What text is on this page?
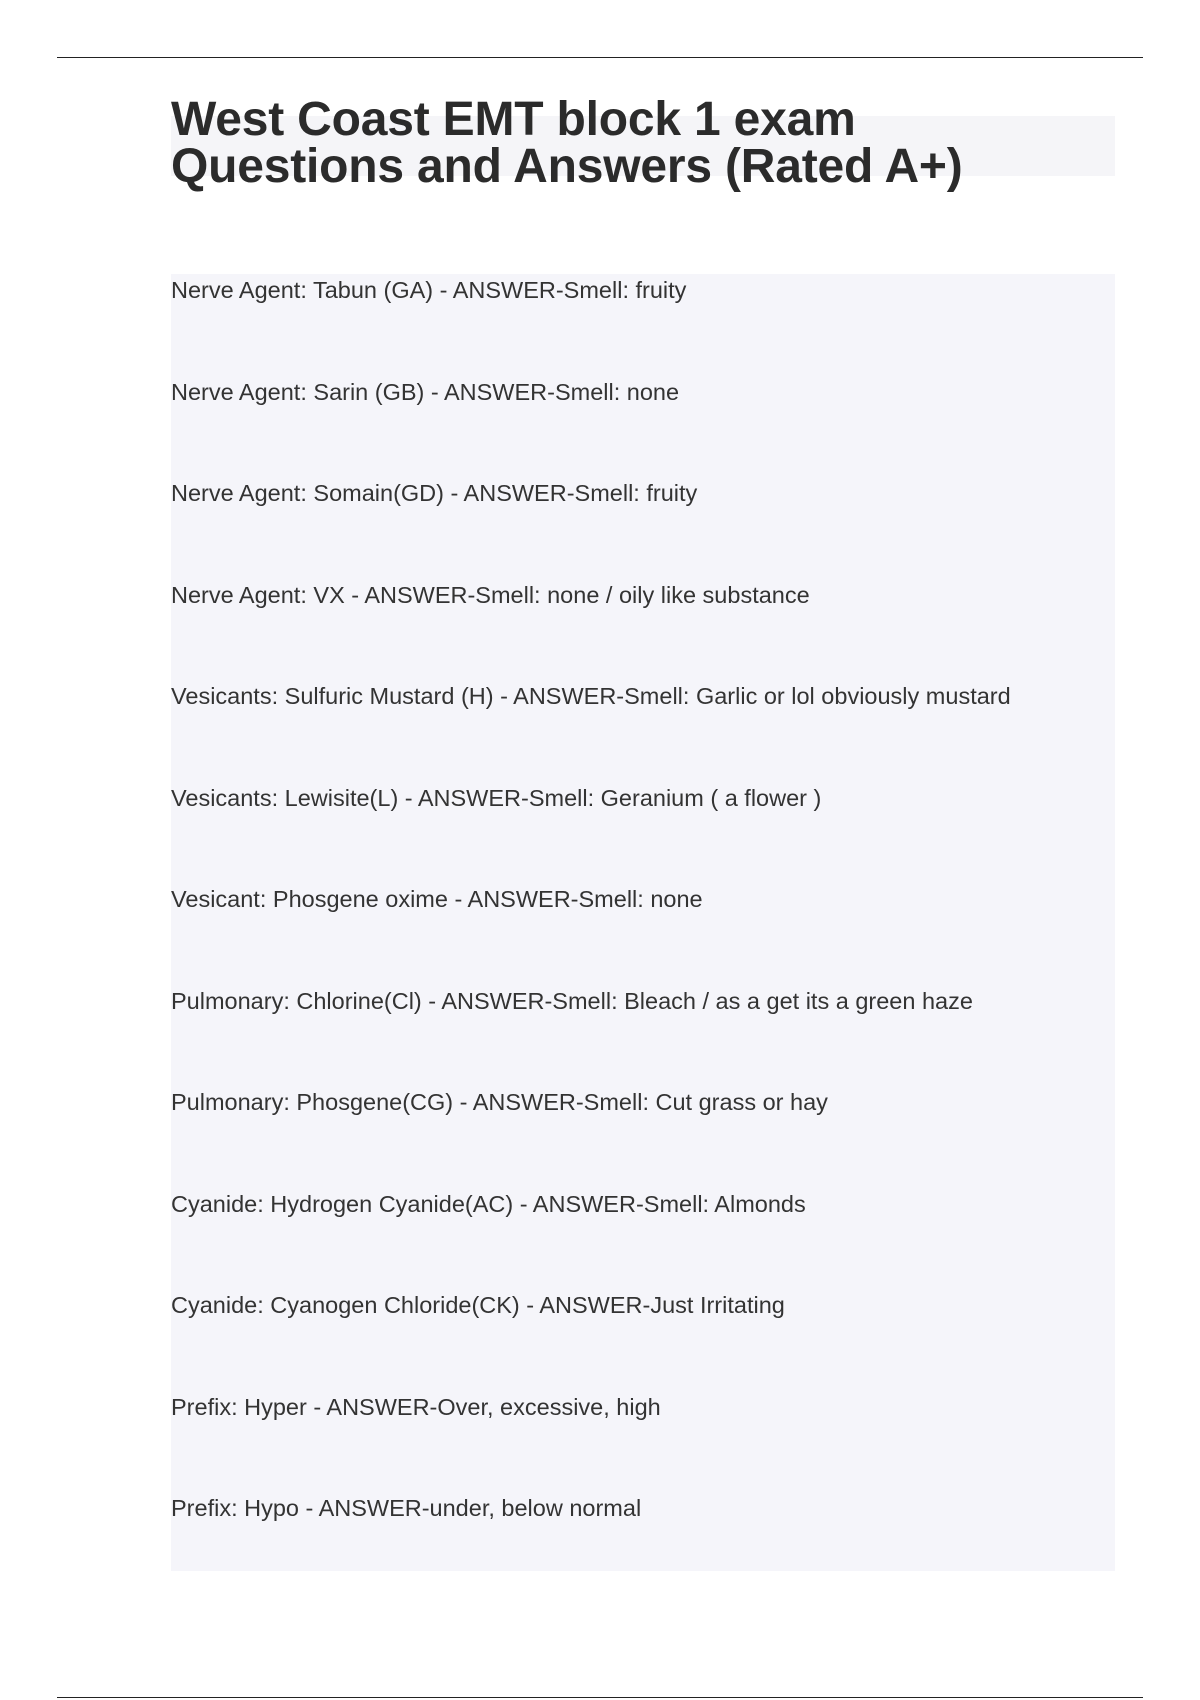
West Coast EMT block 1 exam
Questions and Answers (Rated A+)
Nerve Agent: Tabun (GA) - ANSWER-Smell: fruity
Nerve Agent: Sarin (GB) - ANSWER-Smell: none
Nerve Agent: Somain(GD) - ANSWER-Smell: fruity
Nerve Agent: VX - ANSWER-Smell: none / oily like substance
Vesicants: Sulfuric Mustard (H) - ANSWER-Smell: Garlic or lol obviously mustard
Vesicants: Lewisite(L) - ANSWER-Smell: Geranium ( a flower )
Vesicant: Phosgene oxime - ANSWER-Smell: none
Pulmonary: Chlorine(Cl) - ANSWER-Smell: Bleach / as a get its a green haze
Pulmonary: Phosgene(CG) - ANSWER-Smell: Cut grass or hay
Cyanide: Hydrogen Cyanide(AC) - ANSWER-Smell: Almonds
Cyanide: Cyanogen Chloride(CK) - ANSWER-Just Irritating
Prefix: Hyper - ANSWER-Over, excessive, high
Prefix: Hypo - ANSWER-under, below normal
